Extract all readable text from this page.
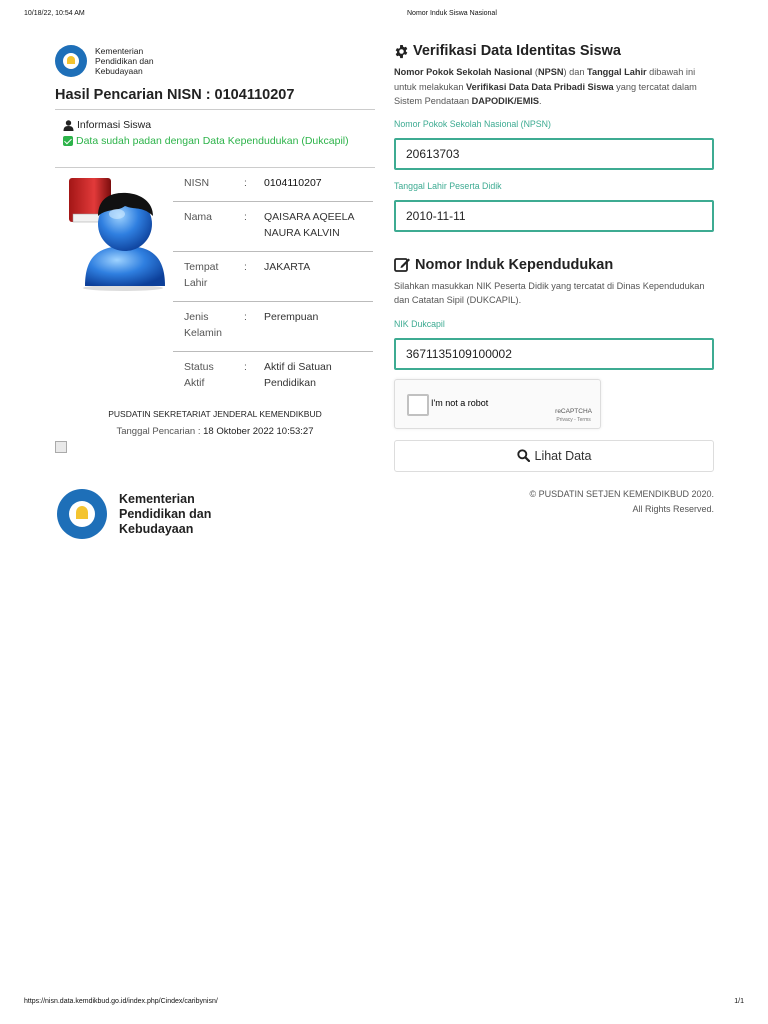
10/18/22, 10:54 AM	Nomor Induk Siswa Nasional
Kementerian
Pendidikan dan
Kebudayaan
Hasil Pencarian NISN : 0104110207
Informasi Siswa
Data sudah padan dengan Data Kependudukan (Dukcapil)
NISN	:	0104110207
Nama	:	QAISARA AQEELA NAURA KALVIN
Tempat Lahir	:	JAKARTA
Jenis Kelamin	:	Perempuan
Status Aktif	:	Aktif di Satuan Pendidikan
PUSDATIN SEKRETARIAT JENDERAL KEMENDIKBUD
Tanggal Pencarian : 18 Oktober 2022 10:53:27
Kementerian
Pendidikan dan
Kebudayaan
Verifikasi Data Identitas Siswa
Nomor Pokok Sekolah Nasional (NPSN) dan Tanggal Lahir dibawah ini untuk melakukan Verifikasi Data Data Pribadi Siswa yang tercatat dalam Sistem Pendataan DAPODIK/EMIS.
Nomor Pokok Sekolah Nasional (NPSN)
20613703
Tanggal Lahir Peserta Didik
2010-11-11
Nomor Induk Kependudukan
Silahkan masukkan NIK Peserta Didik yang tercatat di Dinas Kependudukan dan Catatan Sipil (DUKCAPIL).
NIK Dukcapil
3671135109100002
I'm not a robot
reCAPTCHA
Privacy - Terms
Lihat Data
© PUSDATIN SETJEN KEMENDIKBUD 2020.
All Rights Reserved.
https://nisn.data.kemdikbud.go.id/index.php/Cindex/caribynisn/	1/1
